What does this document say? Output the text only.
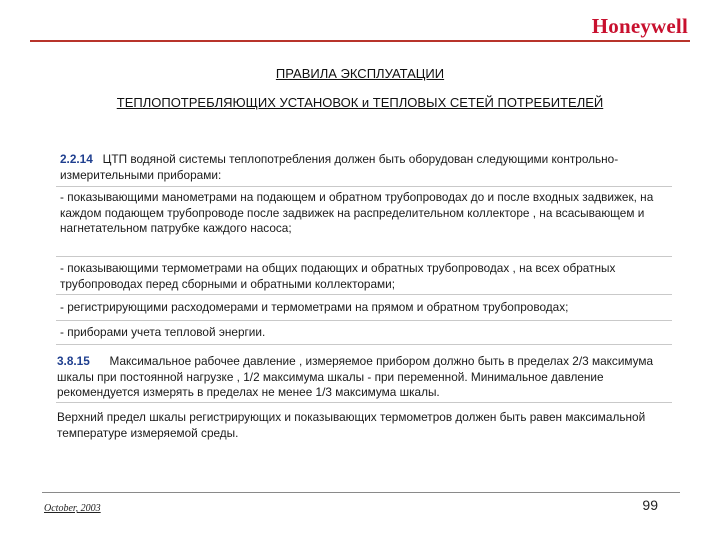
Honeywell
ПРАВИЛА ЭКСПЛУАТАЦИИ
ТЕПЛОПОТРЕБЛЯЮЩИХ УСТАНОВОК и ТЕПЛОВЫХ СЕТЕЙ ПОТРЕБИТЕЛЕЙ
2.2.14 ЦТП водяной системы теплопотребления должен быть оборудован следующими контрольно- измерительными приборами:
- показывающими манометрами на подающем и обратном трубопроводах до и после входных задвижек, на каждом подающем трубопроводе после задвижек на распределительном коллекторе , на всасывающем и нагнетательном патрубке каждого насоса;
- показывающими термометрами на общих подающих и обратных трубопроводах , на всех обратных трубопроводах перед сборными и обратными коллекторами;
- регистрирующими расходомерами и термометрами на прямом и обратном трубопроводах;
- приборами учета тепловой энергии.
3.8.15 Максимальное рабочее давление , измеряемое прибором должно быть в пределах 2/3 максимума шкалы при постоянной нагрузке , 1/2 максимума шкалы - при переменной. Минимальное давление рекомендуется измерять в пределах не менее 1/3 максимума шкалы.
Верхний предел шкалы регистрирующих и показывающих термометров должен быть равен максимальной температуре измеряемой среды.
October, 2003	99
